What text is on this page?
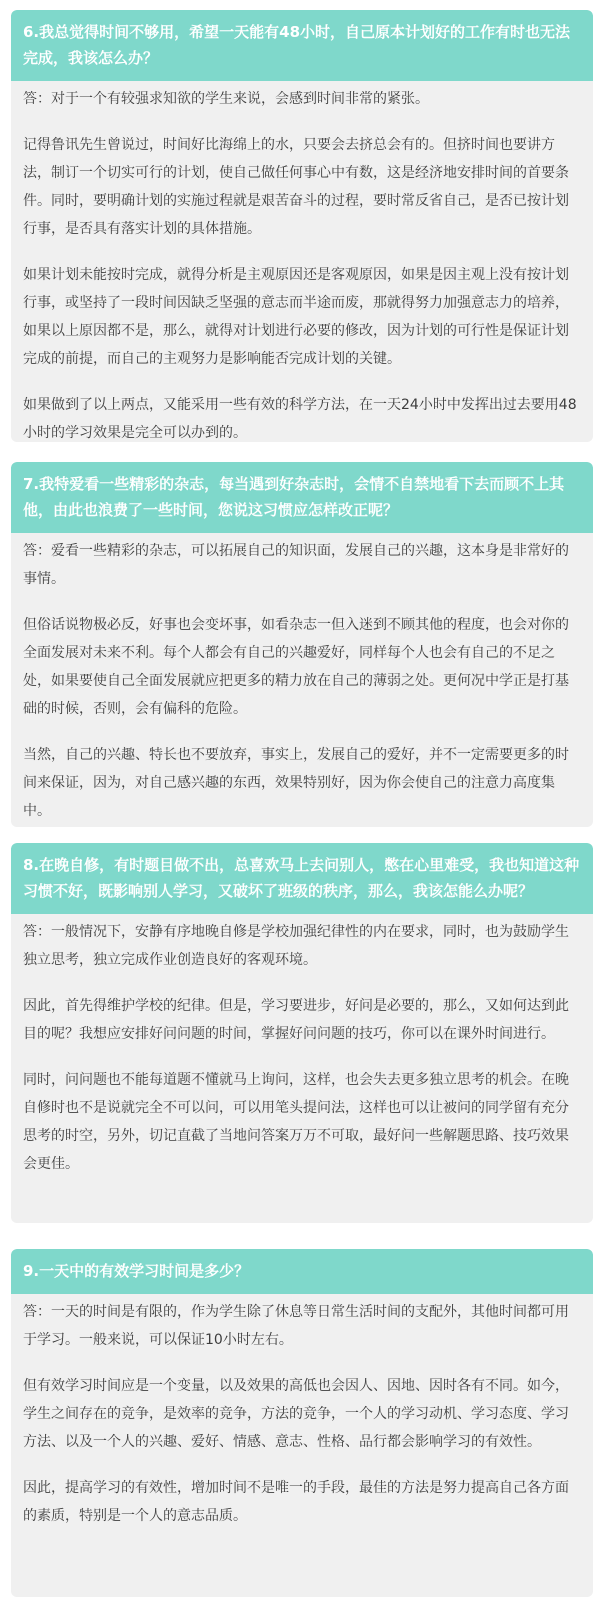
6.我总觉得时间不够用，希望一天能有48小时，自己原本计划好的工作有时也无法完成，我该怎么办？

答：对于一个有较强求知欲的学生来说，会感到时间非常的紧张。

记得鲁讯先生曾说过，时间好比海绵上的水，只要会去挤总会有的。但挤时间也要讲方法，制订一个切实可行的计划，使自己做任何事心中有数，这是经济地安排时间的首要条件。同时，要明确计划的实施过程就是艰苦奋斗的过程，要时常反省自己，是否已按计划行事，是否具有落实计划的具体措施。

如果计划未能按时完成，就得分析是主观原因还是客观原因，如果是因主观上没有按计划行事，或坚持了一段时间因缺乏坚强的意志而半途而废，那就得努力加强意志力的培养，如果以上原因都不是，那么，就得对计划进行必要的修改，因为计划的可行性是保证计划完成的前提，而自己的主观努力是影响能否完成计划的关键。

如果做到了以上两点，又能采用一些有效的科学方法，在一天24小时中发挥出过去要用48小时的学习效果是完全可以办到的。

7.我特爱看一些精彩的杂志，每当遇到好杂志时，会情不自禁地看下去而顾不上其他，由此也浪费了一些时间，您说这习惯应怎样改正呢？

答：爱看一些精彩的杂志，可以拓展自己的知识面，发展自己的兴趣，这本身是非常好的事情。

但俗话说物极必反，好事也会变坏事，如看杂志一但入迷到不顾其他的程度，也会对你的全面发展对未来不利。每个人都会有自己的兴趣爱好，同样每个人也会有自己的不足之处，如果要使自己全面发展就应把更多的精力放在自己的薄弱之处。更何况中学正是打基础的时候，否则，会有偏科的危险。

当然，自己的兴趣、特长也不要放弃，事实上，发展自己的爱好，并不一定需要更多的时间来保证，因为，对自己感兴趣的东西，效果特别好，因为你会使自己的注意力高度集中。

8.在晚自修，有时题目做不出，总喜欢马上去问别人，憋在心里难受，我也知道这种习惯不好，既影响别人学习，又破坏了班级的秩序，那么，我该怎能么办呢？

答：一般情况下，安静有序地晚自修是学校加强纪律性的内在要求，同时，也为鼓励学生独立思考，独立完成作业创造良好的客观环境。

因此，首先得维护学校的纪律。但是，学习要进步，好问是必要的，那么，又如何达到此目的呢？我想应安排好问问题的时间，掌握好问问题的技巧，你可以在课外时间进行。

同时，问问题也不能每道题不懂就马上询问，这样，也会失去更多独立思考的机会。在晚自修时也不是说就完全不可以问，可以用笔头提问法，这样也可以让被问的同学留有充分思考的时空，另外，切记直截了当地问答案万万不可取，最好问一些解题思路、技巧效果会更佳。

9.一天中的有效学习时间是多少？

答：一天的时间是有限的，作为学生除了休息等日常生活时间的支配外，其他时间都可用于学习。一般来说，可以保证10小时左右。

但有效学习时间应是一个变量，以及效果的高低也会因人、因地、因时各有不同。如今，学生之间存在的竞争，是效率的竞争，方法的竞争，一个人的学习动机、学习态度、学习方法、以及一个人的兴趣、爱好、情感、意志、性格、品行都会影响学习的有效性。

因此，提高学习的有效性，增加时间不是唯一的手段，最佳的方法是努力提高自己各方面的素质，特别是一个人的意志品质。
